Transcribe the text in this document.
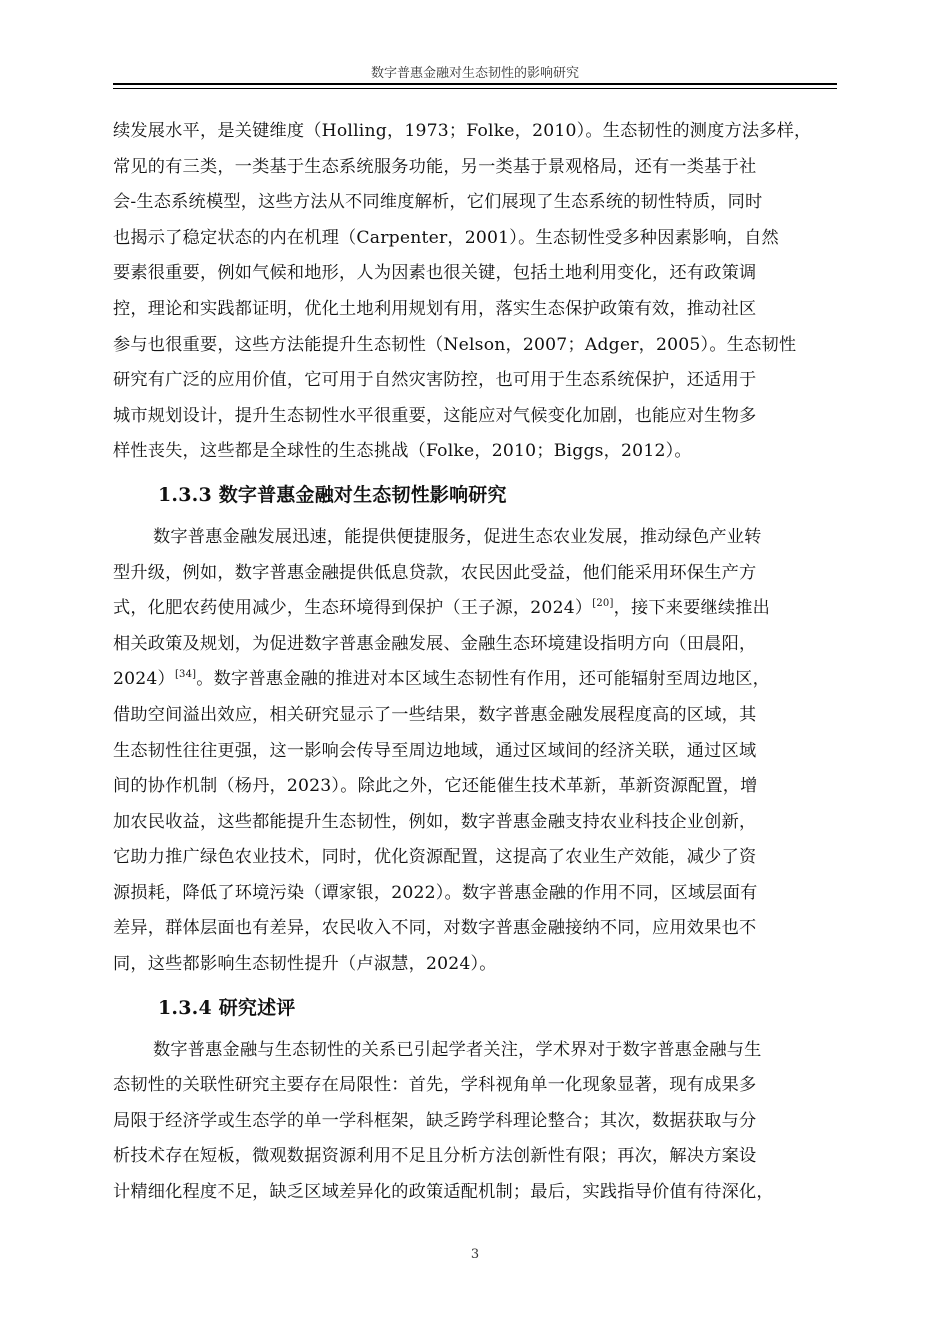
数字普惠金融对生态韧性的影响研究
续发展水平，是关键维度（Holling，1973；Folke，2010）。生态韧性的测度方法多样，
常见的有三类，一类基于生态系统服务功能，另一类基于景观格局，还有一类基于社
会-生态系统模型，这些方法从不同维度解析，它们展现了生态系统的韧性特质，同时
也揭示了稳定状态的内在机理（Carpenter，2001）。生态韧性受多种因素影响，自然
要素很重要，例如气候和地形，人为因素也很关键，包括土地利用变化，还有政策调
控，理论和实践都证明，优化土地利用规划有用，落实生态保护政策有效，推动社区
参与也很重要，这些方法能提升生态韧性（Nelson，2007；Adger，2005）。生态韧性
研究有广泛的应用价值，它可用于自然灾害防控，也可用于生态系统保护，还适用于
城市规划设计，提升生态韧性水平很重要，这能应对气候变化加剧，也能应对生物多
样性丧失，这些都是全球性的生态挑战（Folke，2010；Biggs，2012）。
1.3.3 数字普惠金融对生态韧性影响研究
数字普惠金融发展迅速，能提供便捷服务，促进生态农业发展，推动绿色产业转
型升级，例如，数字普惠金融提供低息贷款，农民因此受益，他们能采用环保生产方
式，化肥农药使用减少，生态环境得到保护（王子源，2024）[20]，接下来要继续推出
相关政策及规划，为促进数字普惠金融发展、金融生态环境建设指明方向（田晨阳，
2024）[34]。数字普惠金融的推进对本区域生态韧性有作用，还可能辐射至周边地区，
借助空间溢出效应，相关研究显示了一些结果，数字普惠金融发展程度高的区域，其
生态韧性往往更强，这一影响会传导至周边地域，通过区域间的经济关联，通过区域
间的协作机制（杨丹，2023）。除此之外，它还能催生技术革新，革新资源配置，增
加农民收益，这些都能提升生态韧性，例如，数字普惠金融支持农业科技企业创新，
它助力推广绿色农业技术，同时，优化资源配置，这提高了农业生产效能，减少了资
源损耗，降低了环境污染（谭家银，2022）。数字普惠金融的作用不同，区域层面有
差异，群体层面也有差异，农民收入不同，对数字普惠金融接纳不同，应用效果也不
同，这些都影响生态韧性提升（卢淑慧，2024）。
1.3.4 研究述评
数字普惠金融与生态韧性的关系已引起学者关注，学术界对于数字普惠金融与生
态韧性的关联性研究主要存在局限性：首先，学科视角单一化现象显著，现有成果多
局限于经济学或生态学的单一学科框架，缺乏跨学科理论整合；其次，数据获取与分
析技术存在短板，微观数据资源利用不足且分析方法创新性有限；再次，解决方案设
计精细化程度不足，缺乏区域差异化的政策适配机制；最后，实践指导价值有待深化，
3
